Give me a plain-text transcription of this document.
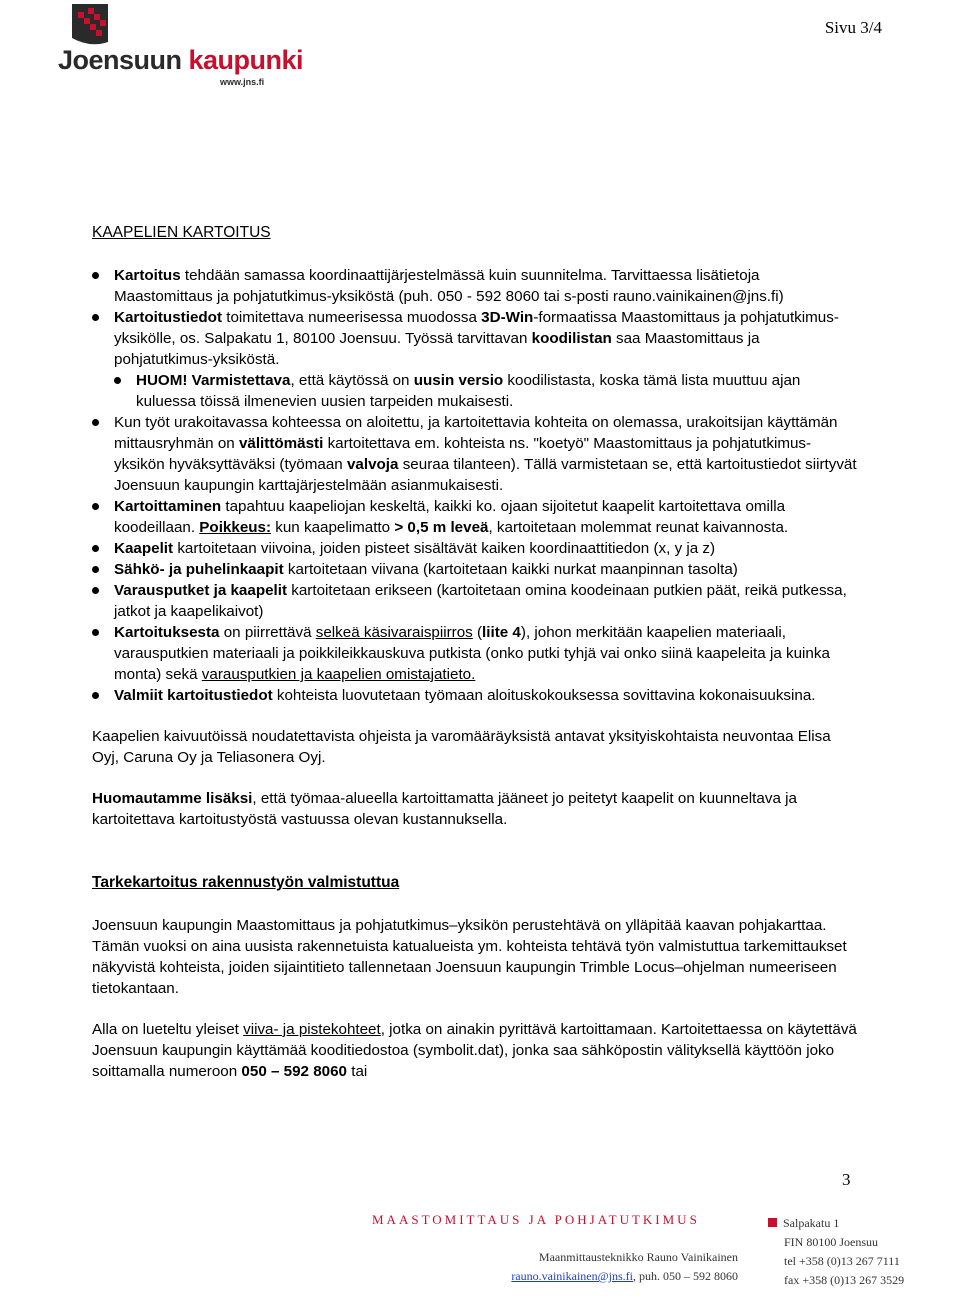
Sivu 3/4
Joensuun kaupunki
www.jns.fi
KAAPELIEN KARTOITUS
Kartoitus tehdään samassa koordinaattijärjestelmässä kuin suunnitelma. Tarvittaessa lisätietoja Maastomittaus ja pohjatutkimus-yksiköstä (puh. 050 - 592 8060 tai s-posti rauno.vainikainen@jns.fi)
Kartoitustiedot toimitettava numeerisessa muodossa 3D-Win-formaatissa Maastomittaus ja pohjatutkimus-yksikölle, os. Salpakatu 1, 80100 Joensuu. Työssä tarvittavan koodilistan saa Maastomittaus ja pohjatutkimus-yksiköstä.
HUOM! Varmistettava, että käytössä on uusin versio koodilistasta, koska tämä lista muuttuu ajan kuluessa töissä ilmenevien uusien tarpeiden mukaisesti.
Kun työt urakoitavassa kohteessa on aloitettu, ja kartoitettavia kohteita on olemassa, urakoitsijan käyttämän mittausryhmän on välittömästi kartoitettava em. kohteista ns. "koetyö" Maastomittaus ja pohjatutkimus-yksikön hyväksyttäväksi (työmaan valvoja seuraa tilanteen). Tällä varmistetaan se, että kartoitustiedot siirtyvät Joensuun kaupungin karttajärjestelmään asianmukaisesti.
Kartoittaminen tapahtuu kaapeliojan keskeltä, kaikki ko. ojaan sijoitetut kaapelit kartoitettava omilla koodeillaan. Poikkeus: kun kaapelimatto > 0,5 m leveä, kartoitetaan molemmat reunat kaivannosta.
Kaapelit kartoitetaan viivoina, joiden pisteet sisältävät kaiken koordinaattitiedon (x, y ja z)
Sähkö- ja puhelinkaapit kartoitetaan viivana (kartoitetaan kaikki nurkat maanpinnan tasolta)
Varausputket ja kaapelit kartoitetaan erikseen (kartoitetaan omina koodeinaan putkien päät, reikä putkessa, jatkot ja kaapelikaivot)
Kartoituksesta on piirrettävä selkeä käsivaraispiirros (liite 4), johon merkitään kaapelien materiaali, varausputkien materiaali ja poikkileikkauskuva putkista (onko putki tyhjä vai onko siinä kaapeleita ja kuinka monta) sekä varausputkien ja kaapelien omistajatieto.
Valmiit kartoitustiedot kohteista luovutetaan työmaan aloituskokouksessa sovittavina kokonaisuuksina.

Kaapelien kaivuutöissä noudatettavista ohjeista ja varomääräyksistä antavat yksityiskohtaista neuvontaa Elisa Oyj, Caruna Oy ja Teliasonera Oyj.

Huomautamme lisäksi, että työmaa-alueella kartoittamatta jääneet jo peitetyt kaapelit on kuunneltava ja kartoitettava kartoitustyöstä vastuussa olevan kustannuksella.

Tarkekartoitus rakennustyön valmistuttua

Joensuun kaupungin Maastomittaus ja pohjatutkimus–yksikön perustehtävä on ylläpitää kaavan pohjakarttaa. Tämän vuoksi on aina uusista rakennetuista katualueista ym. kohteista tehtävä työn valmistuttua tarkemittaukset näkyvistä kohteista, joiden sijaintitieto tallennetaan Joensuun kaupungin Trimble Locus–ohjelman numeeriseen tietokantaan.

Alla on lueteltu yleiset viiva- ja pistekohteet, jotka on ainakin pyrittävä kartoittamaan. Kartoitettaessa on käytettävä Joensuun kaupungin käyttämää kooditiedostoa (symbolit.dat), jonka saa sähköpostin välityksellä käyttöön joko soittamalla numeroon 050 – 592 8060 tai

3
MAASTOMITTAUS JA POHJATUTKIMUS
Maanmittausteknikko Rauno Vainikainen
rauno.vainikainen@jns.fi, puh. 050 – 592 8060
Salpakatu 1
FIN 80100 Joensuu
tel +358 (0)13 267 7111
fax +358 (0)13 267 3529
